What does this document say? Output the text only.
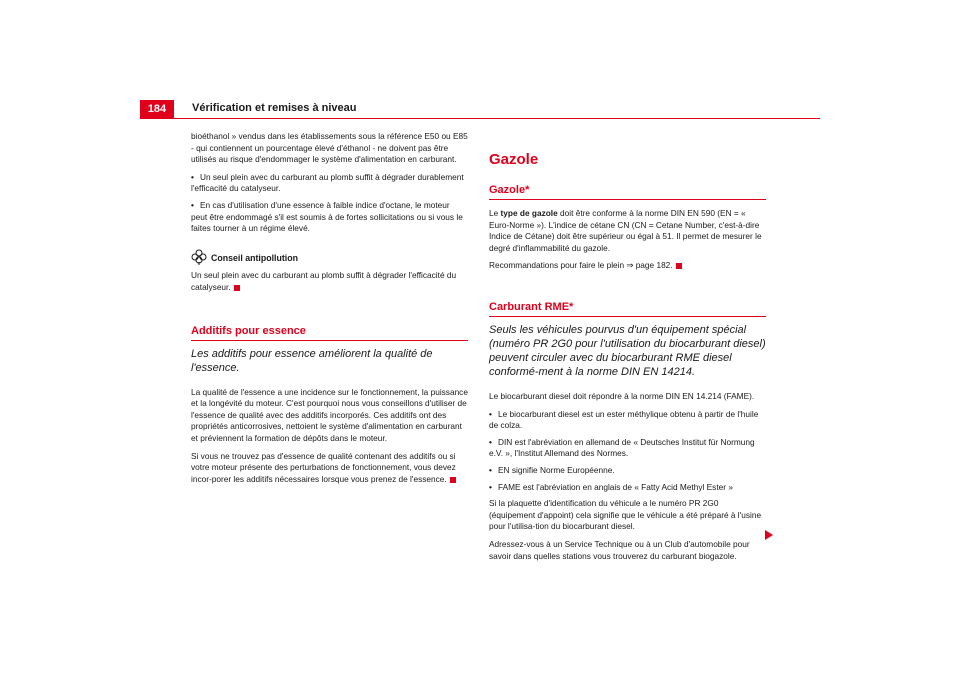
184	Vérification et remises à niveau

bioéthanol » vendus dans les établissements sous la référence E50 ou E85 - qui contiennent un pourcentage élevé d'éthanol - ne doivent pas être utilisés au risque d'endommager le système d'alimentation en carburant.

• Un seul plein avec du carburant au plomb suffit à dégrader durablement l'efficacité du catalyseur.
• En cas d'utilisation d'une essence à faible indice d'octane, le moteur peut être endommagé s'il est soumis à de fortes sollicitations ou si vous le faites tourner à un régime élevé.
Conseil antipollution

Un seul plein avec du carburant au plomb suffit à dégrader l'efficacité du catalyseur.

Additifs pour essence
Les additifs pour essence améliorent la qualité de l'essence.

La qualité de l'essence a une incidence sur le fonctionnement, la puissance et la longévité du moteur. C'est pourquoi nous vous conseillons d'utiliser de l'essence de qualité avec des additifs incorporés. Ces additifs ont des propriétés anticorrosives, nettoient le système d'alimentation en carburant et préviennent la formation de dépôts dans le moteur.

Si vous ne trouvez pas d'essence de qualité contenant des additifs ou si votre moteur présente des perturbations de fonctionnement, vous devez incor-porer les additifs nécessaires lorsque vous prenez de l'essence.

Gazole
Gazole*

Le type de gazole doit être conforme à la norme DIN EN 590 (EN = « Euro-Norme »). L'indice de cétane CN (CN = Cetane Number, c'est-à-dire Indice de Cétane) doit être supérieur ou égal à 51. Il permet de mesurer le degré d'inflammabilité du gazole.

Recommandations pour faire le plein ⇒ page 182.

Carburant RME*
Seuls les véhicules pourvus d'un équipement spécial (numéro PR 2G0 pour l'utilisation du biocarburant diesel) peuvent circuler avec du biocarburant RME diesel conformé-ment à la norme DIN EN 14214.

Le biocarburant diesel doit répondre à la norme DIN EN 14.214 (FAME).

• Le biocarburant diesel est un ester méthylique obtenu à partir de l'huile de colza.
• DIN est l'abréviation en allemand de « Deutsches Institut für Normung e.V. », l'Institut Allemand des Normes.
• EN signifie Norme Européenne.
• FAME est l'abréviation en anglais de « Fatty Acid Methyl Ester »

Si la plaquette d'identification du véhicule a le numéro PR 2G0 (équipement d'appoint) cela signifie que le véhicule a été préparé à l'usine pour l'utilisa-tion du biocarburant diesel.

Adressez-vous à un Service Technique ou à un Club d'automobile pour savoir dans quelles stations vous trouverez du carburant biogazole.
